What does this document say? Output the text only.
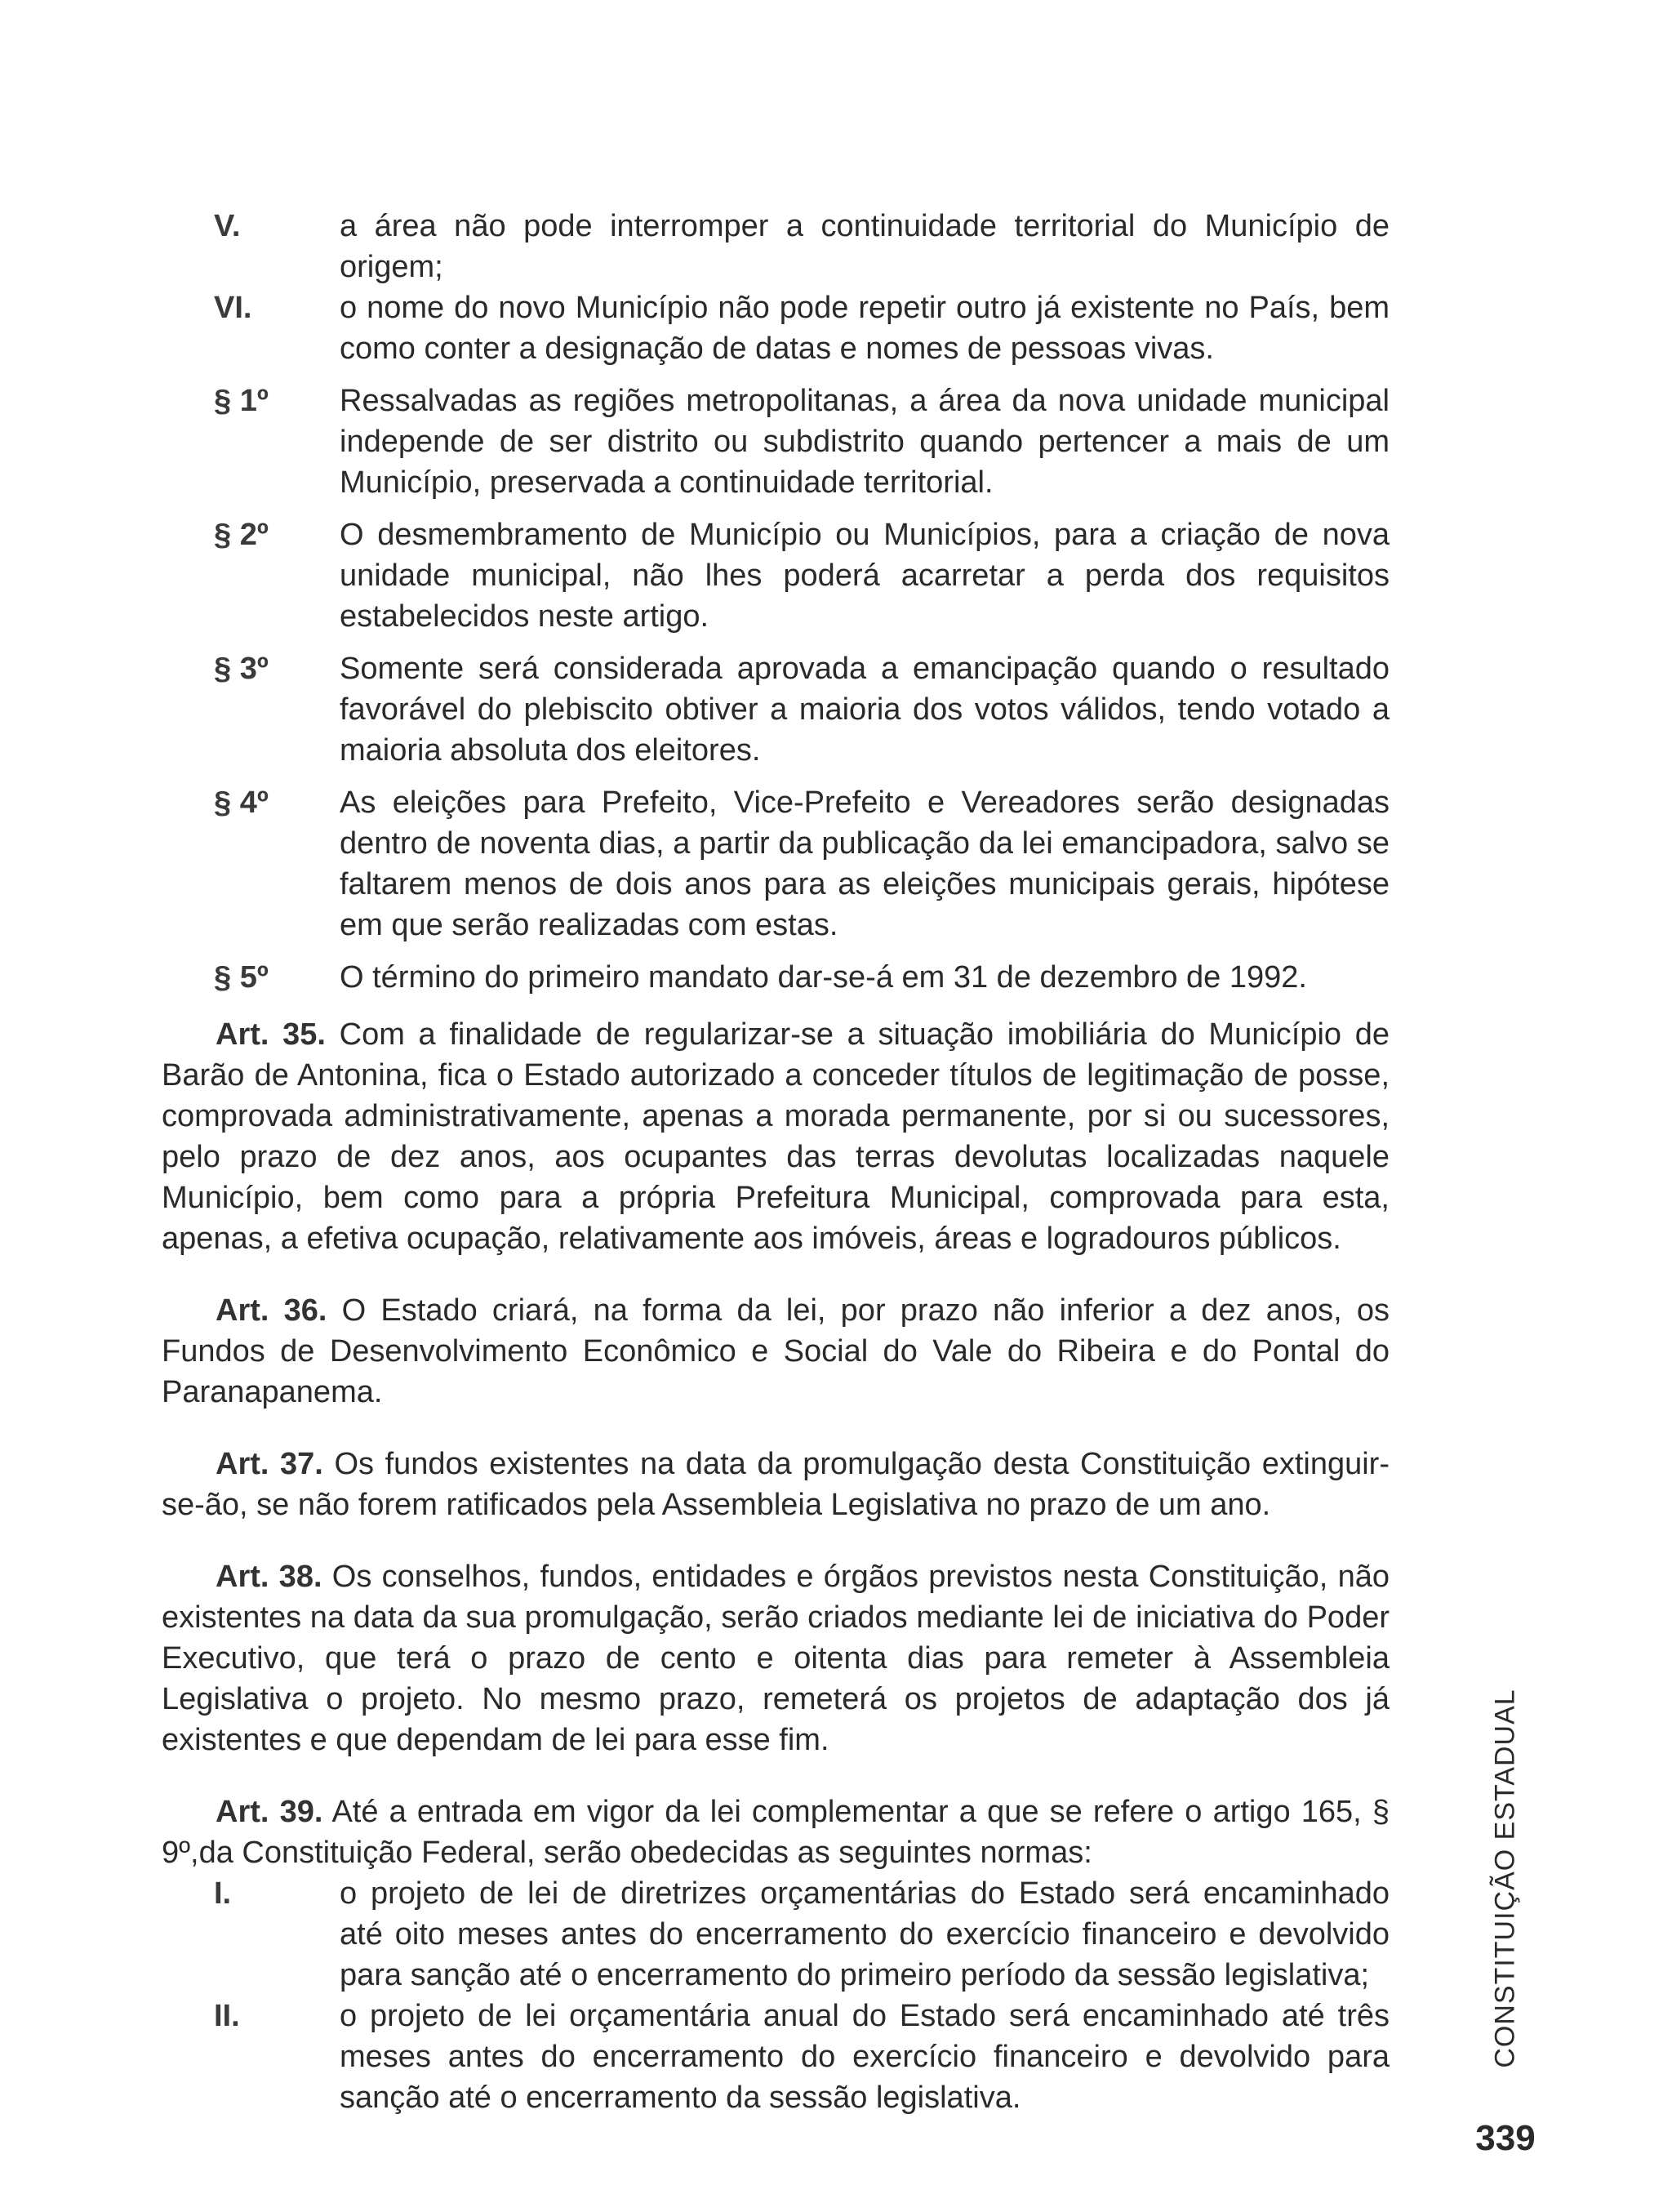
V.	a área não pode interromper a continuidade territorial do Município de origem;
VI.	o nome do novo Município não pode repetir outro já existente no País, bem como conter a designação de datas e nomes de pessoas vivas.
§ 1º	Ressalvadas as regiões metropolitanas, a área da nova unidade municipal independe de ser distrito ou subdistrito quando pertencer a mais de um Município, preservada a continuidade territorial.
§ 2º	O desmembramento de Município ou Municípios, para a criação de nova unidade municipal, não lhes poderá acarretar a perda dos requisitos estabelecidos neste artigo.
§ 3º	Somente será considerada aprovada a emancipação quando o resultado favorável do plebiscito obtiver a maioria dos votos válidos, tendo votado a maioria absoluta dos eleitores.
§ 4º	As eleições para Prefeito, Vice-Prefeito e Vereadores serão designadas dentro de noventa dias, a partir da publicação da lei emancipadora, salvo se faltarem menos de dois anos para as eleições municipais gerais, hipótese em que serão realizadas com estas.
§ 5º	O término do primeiro mandato dar-se-á em 31 de dezembro de 1992.

Art. 35. Com a finalidade de regularizar-se a situação imobiliária do Município de Barão de Antonina, fica o Estado autorizado a conceder títulos de legitimação de posse, comprovada administrativamente, apenas a morada permanente, por si ou sucessores, pelo prazo de dez anos, aos ocupantes das terras devolutas localizadas naquele Município, bem como para a própria Prefeitura Municipal, comprovada para esta, apenas, a efetiva ocupação, relativamente aos imóveis, áreas e logradouros públicos.

Art. 36. O Estado criará, na forma da lei, por prazo não inferior a dez anos, os Fundos de Desenvolvimento Econômico e Social do Vale do Ribeira e do Pontal do Paranapanema.

Art. 37. Os fundos existentes na data da promulgação desta Constituição extinguir-se-ão, se não forem ratificados pela Assembleia Legislativa no prazo de um ano.

Art. 38. Os conselhos, fundos, entidades e órgãos previstos nesta Constituição, não existentes na data da sua promulgação, serão criados mediante lei de iniciativa do Poder Executivo, que terá o prazo de cento e oitenta dias para remeter à Assembleia Legislativa o projeto. No mesmo prazo, remeterá os projetos de adaptação dos já existentes e que dependam de lei para esse fim.

Art. 39. Até a entrada em vigor da lei complementar a que se refere o artigo 165, § 9º,da Constituição Federal, serão obedecidas as seguintes normas:

I.	o projeto de lei de diretrizes orçamentárias do Estado será encaminhado até oito meses antes do encerramento do exercício financeiro e devolvido para sanção até o encerramento do primeiro período da sessão legislativa;
II.	o projeto de lei orçamentária anual do Estado será encaminhado até três meses antes do encerramento do exercício financeiro e devolvido para sanção até o encerramento da sessão legislativa.
CONSTITUIÇÃO ESTADUAL
339
